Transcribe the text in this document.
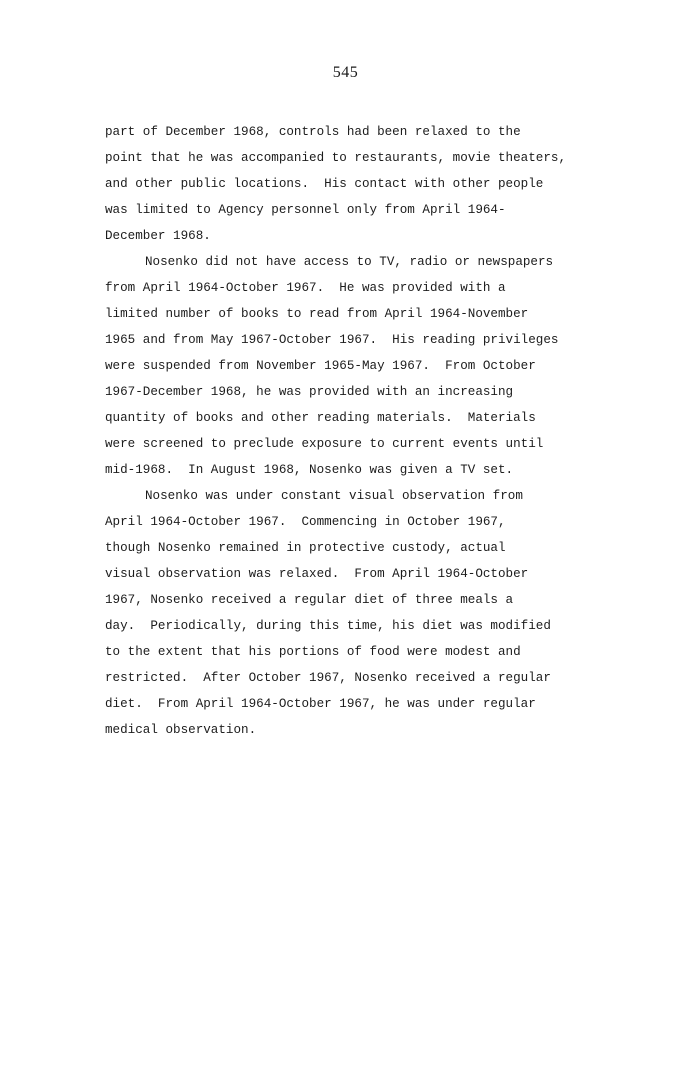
545
part of December 1968, controls had been relaxed to the
point that he was accompanied to restaurants, movie theaters,
and other public locations.  His contact with other people
was limited to Agency personnel only from April 1964-
December 1968.
Nosenko did not have access to TV, radio or newspapers
from April 1964-October 1967.  He was provided with a
limited number of books to read from April 1964-November
1965 and from May 1967-October 1967.  His reading privileges
were suspended from November 1965-May 1967.  From October
1967-December 1968, he was provided with an increasing
quantity of books and other reading materials.  Materials
were screened to preclude exposure to current events until
mid-1968.  In August 1968, Nosenko was given a TV set.
Nosenko was under constant visual observation from
April 1964-October 1967.  Commencing in October 1967,
though Nosenko remained in protective custody, actual
visual observation was relaxed.  From April 1964-October
1967, Nosenko received a regular diet of three meals a
day.  Periodically, during this time, his diet was modified
to the extent that his portions of food were modest and
restricted.  After October 1967, Nosenko received a regular
diet.  From April 1964-October 1967, he was under regular
medical observation.
